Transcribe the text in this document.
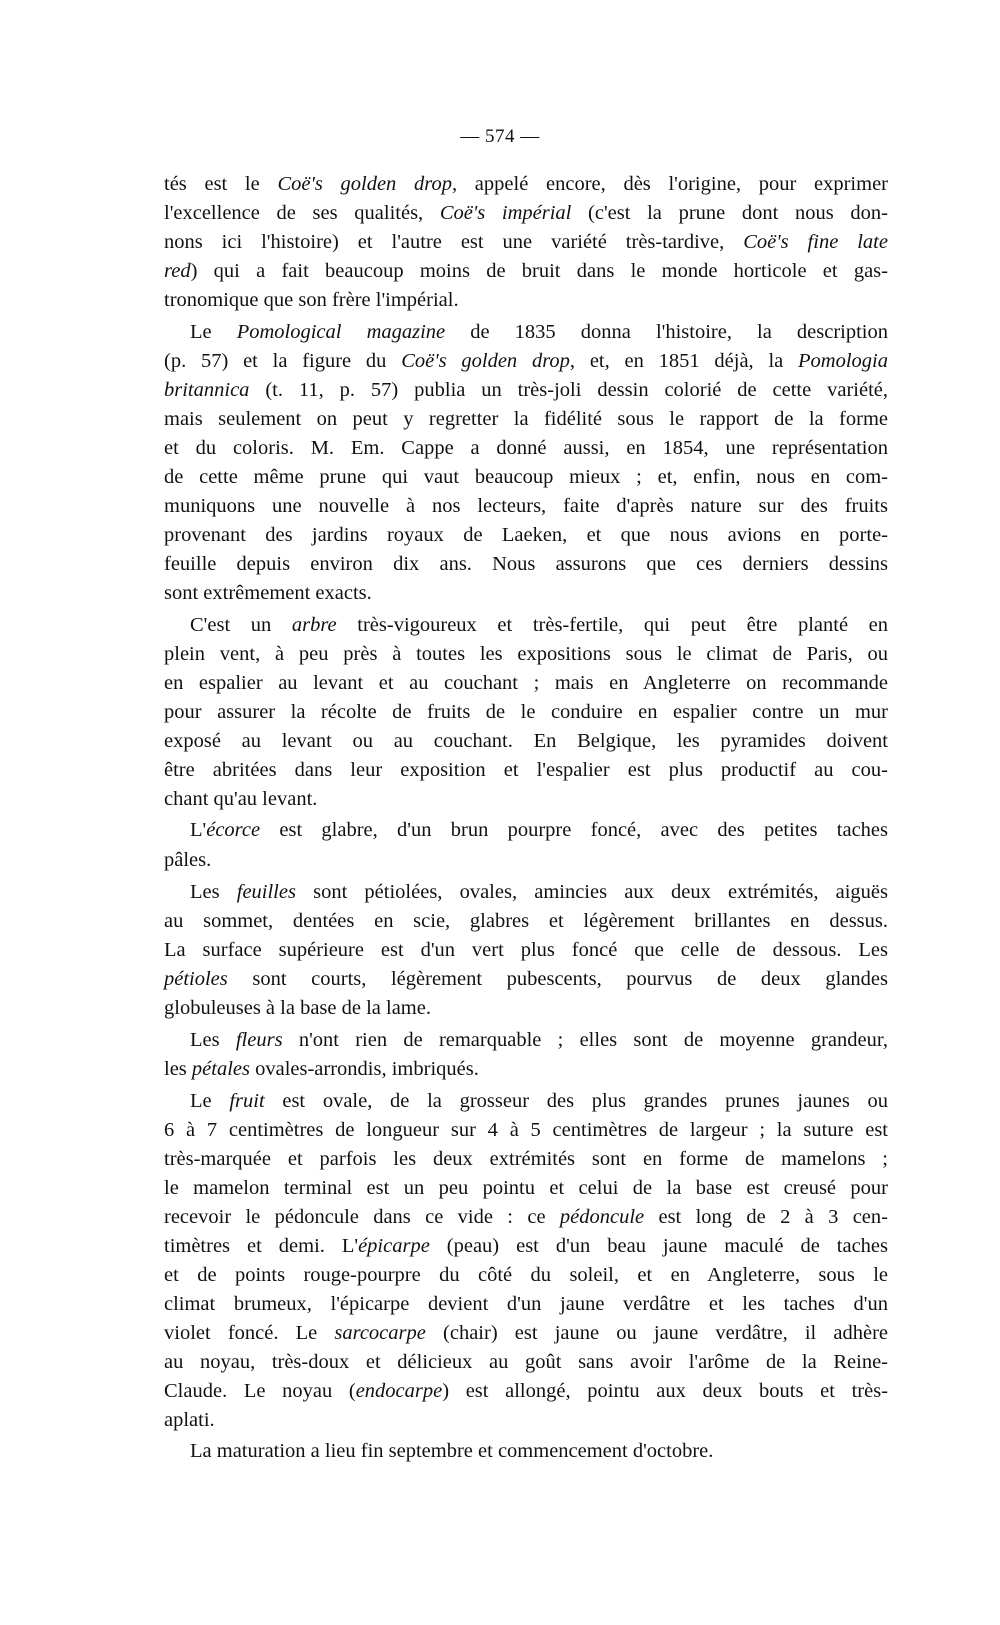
— 574 —
tés est le Coë's golden drop, appelé encore, dès l'origine, pour exprimer
l'excellence de ses qualités, Coë's impérial (c'est la prune dont nous don-
nons ici l'histoire) et l'autre est une variété très-tardive, Coë's fine late
red) qui a fait beaucoup moins de bruit dans le monde horticole et gas-
tronomique que son frère l'impérial.
Le Pomological magazine de 1835 donna l'histoire, la description
(p. 57) et la figure du Coë's golden drop, et, en 1851 déjà, la Pomologia
britannica (t. 11, p. 57) publia un très-joli dessin colorié de cette variété,
mais seulement on peut y regretter la fidélité sous le rapport de la forme
et du coloris. M. Em. Cappe a donné aussi, en 1854, une représentation
de cette même prune qui vaut beaucoup mieux ; et, enfin, nous en com-
muniquons une nouvelle à nos lecteurs, faite d'après nature sur des fruits
provenant des jardins royaux de Laeken, et que nous avions en porte-
feuille depuis environ dix ans. Nous assurons que ces derniers dessins
sont extrêmement exacts.
C'est un arbre très-vigoureux et très-fertile, qui peut être planté en
plein vent, à peu près à toutes les expositions sous le climat de Paris, ou
en espalier au levant et au couchant ; mais en Angleterre on recommande
pour assurer la récolte de fruits de le conduire en espalier contre un mur
exposé au levant ou au couchant. En Belgique, les pyramides doivent
être abritées dans leur exposition et l'espalier est plus productif au cou-
chant qu'au levant.
L'écorce est glabre, d'un brun pourpre foncé, avec des petites taches
pâles.
Les feuilles sont pétiolées, ovales, amincies aux deux extrémités, aiguës
au sommet, dentées en scie, glabres et légèrement brillantes en dessus.
La surface supérieure est d'un vert plus foncé que celle de dessous. Les
pétioles sont courts, légèrement pubescents, pourvus de deux glandes
globuleuses à la base de la lame.
Les fleurs n'ont rien de remarquable ; elles sont de moyenne grandeur,
les pétales ovales-arrondis, imbriqués.
Le fruit est ovale, de la grosseur des plus grandes prunes jaunes ou
6 à 7 centimètres de longueur sur 4 à 5 centimètres de largeur ; la suture est
très-marquée et parfois les deux extrémités sont en forme de mamelons ;
le mamelon terminal est un peu pointu et celui de la base est creusé pour
recevoir le pédoncule dans ce vide : ce pédoncule est long de 2 à 3 cen-
timètres et demi. L'épicarpe (peau) est d'un beau jaune maculé de taches
et de points rouge-pourpre du côté du soleil, et en Angleterre, sous le
climat brumeux, l'épicarpe devient d'un jaune verdâtre et les taches d'un
violet foncé. Le sarcocarpe (chair) est jaune ou jaune verdâtre, il adhère
au noyau, très-doux et délicieux au goût sans avoir l'arôme de la Reine-
Claude. Le noyau (endocarpe) est allongé, pointu aux deux bouts et très-
aplati.
La maturation a lieu fin septembre et commencement d'octobre.
